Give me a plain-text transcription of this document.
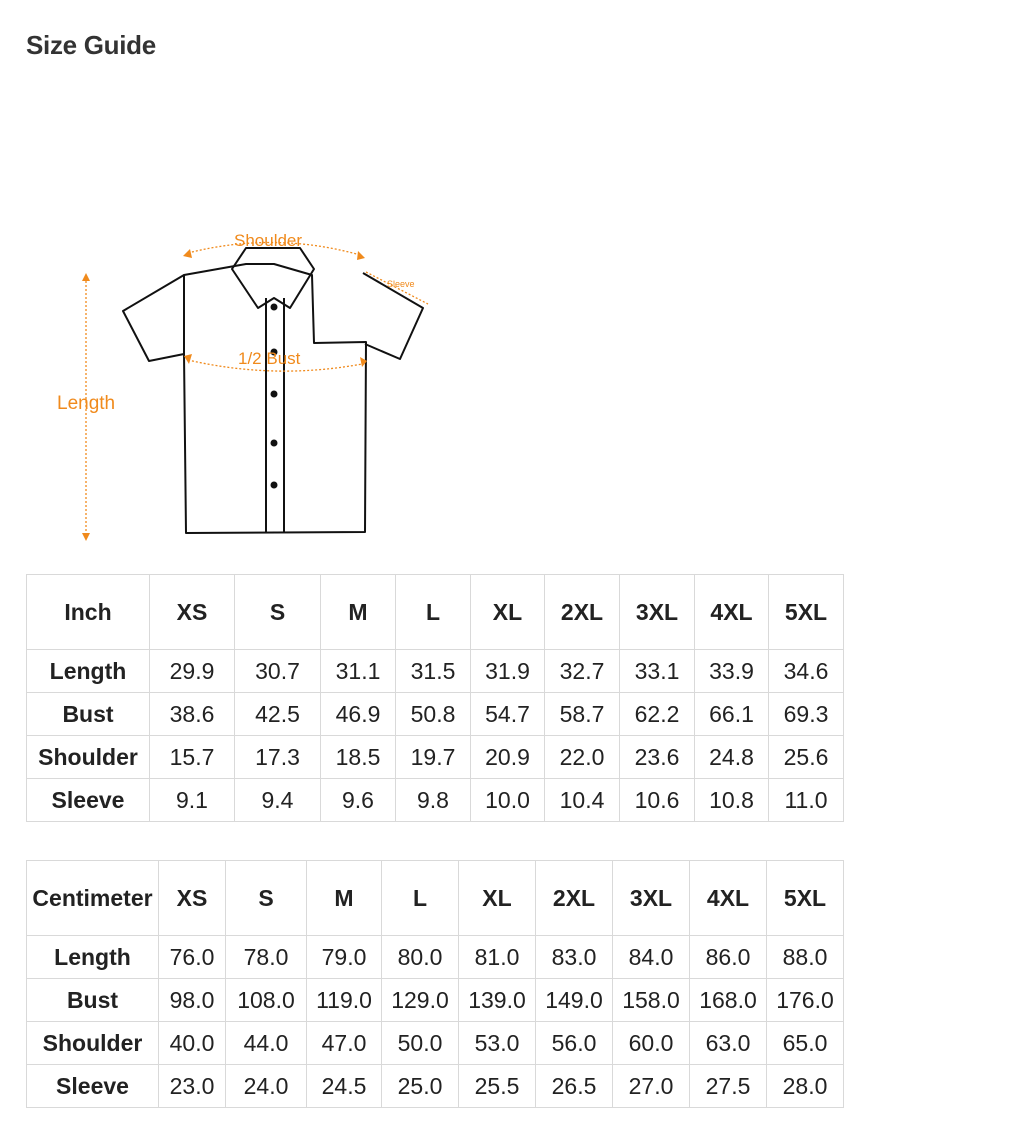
Size Guide
Shoulder
Sleeve
1/2 Bust
Length
Inch	XS	S	M	L	XL	2XL	3XL	4XL	5XL
Length	29.9	30.7	31.1	31.5	31.9	32.7	33.1	33.9	34.6
Bust	38.6	42.5	46.9	50.8	54.7	58.7	62.2	66.1	69.3
Shoulder	15.7	17.3	18.5	19.7	20.9	22.0	23.6	24.8	25.6
Sleeve	9.1	9.4	9.6	9.8	10.0	10.4	10.6	10.8	11.0
Centimeter	XS	S	M	L	XL	2XL	3XL	4XL	5XL
Length	76.0	78.0	79.0	80.0	81.0	83.0	84.0	86.0	88.0
Bust	98.0	108.0	119.0	129.0	139.0	149.0	158.0	168.0	176.0
Shoulder	40.0	44.0	47.0	50.0	53.0	56.0	60.0	63.0	65.0
Sleeve	23.0	24.0	24.5	25.0	25.5	26.5	27.0	27.5	28.0
